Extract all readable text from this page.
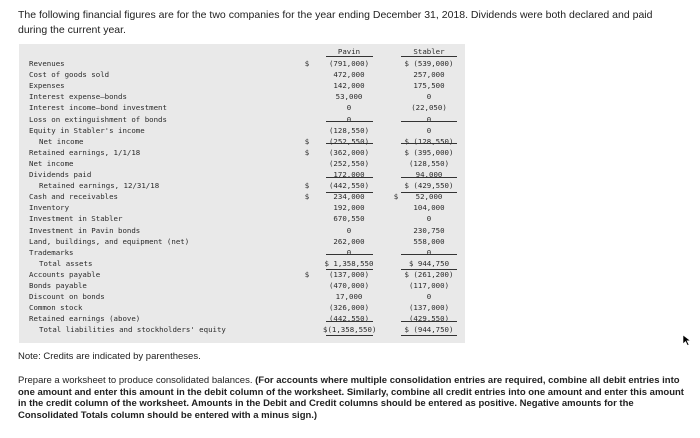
The following financial figures are for the two companies for the year ending December 31, 2018. Dividends were both declared and paid during the current year.
Pavin	Stabler
Revenues	$	(791,000)	$ (539,000)
Cost of goods sold	472,000	257,000
Expenses	142,000	175,500
Interest expense–bonds	53,000	0
Interest income–bond investment	0	(22,050)
Loss on extinguishment of bonds	0	0
Equity in Stabler's income	(128,550)	0
Net income	$	(252,550)	$ (128,550)
Retained earnings, 1/1/18	$	(362,000)	$ (395,000)
Net income	(252,550)	(128,550)
Dividends paid	172,000	94,000
Retained earnings, 12/31/18	$	(442,550)	$ (429,550)
Cash and receivables	$	234,000	$	52,000
Inventory	192,000	104,000
Investment in Stabler	670,550	0
Investment in Pavin bonds	0	230,750
Land, buildings, and equipment (net)	262,000	558,000
Trademarks	0	0
Total assets	$ 1,358,550	$ 944,750
Accounts payable	$	(137,000)	$ (261,200)
Bonds payable	(470,000)	(117,000)
Discount on bonds	17,000	0
Common stock	(326,000)	(137,000)
Retained earnings (above)	(442,550)	(429,550)
Total liabilities and stockholders' equity	$(1,358,550)	$ (944,750)
Note: Credits are indicated by parentheses.
Prepare a worksheet to produce consolidated balances. (For accounts where multiple consolidation entries are required, combine all debit entries into one amount and enter this amount in the debit column of the worksheet. Similarly, combine all credit entries into one amount and enter this amount in the credit column of the worksheet. Amounts in the Debit and Credit columns should be entered as positive. Negative amounts for the Consolidated Totals column should be entered with a minus sign.)
